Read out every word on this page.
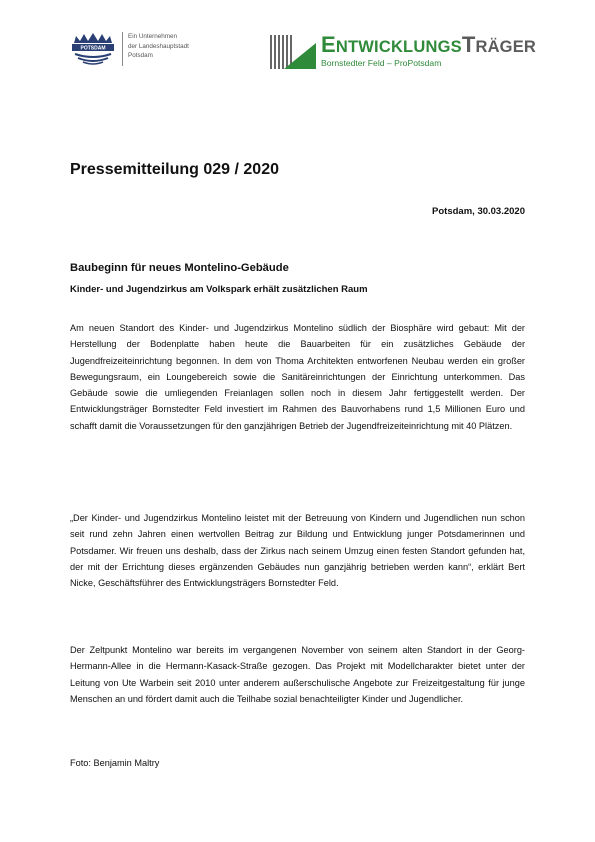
POTSDAM
Ein Unternehmen
der Landeshauptstadt
Potsdam	ENTWICKLUNGSTRÄGER
Bornstedter Feld – ProPotsdam
Pressemitteilung 029 / 2020
Potsdam, 30.03.2020
Baubeginn für neues Montelino-Gebäude
Kinder- und Jugendzirkus am Volkspark erhält zusätzlichen Raum

Am neuen Standort des Kinder- und Jugendzirkus Montelino südlich der Biosphäre wird gebaut: Mit der Herstellung der Bodenplatte haben heute die Bauarbeiten für ein zusätzliches Gebäude der Jugendfreizeiteinrichtung begonnen. In dem von Thoma Architekten entworfenen Neubau werden ein großer Bewegungsraum, ein Loungebereich sowie die Sanitäreinrichtungen der Einrichtung unterkommen. Das Gebäude sowie die umliegenden Freianlagen sollen noch in diesem Jahr fertiggestellt werden. Der Entwicklungsträger Bornstedter Feld investiert im Rahmen des Bauvorhabens rund 1,5 Millionen Euro und schafft damit die Voraussetzungen für den ganzjährigen Betrieb der Jugendfreizeiteinrichtung mit 40 Plätzen.

„Der Kinder- und Jugendzirkus Montelino leistet mit der Betreuung von Kindern und Jugendlichen nun schon seit rund zehn Jahren einen wertvollen Beitrag zur Bildung und Entwicklung junger Potsdamerinnen und Potsdamer. Wir freuen uns deshalb, dass der Zirkus nach seinem Umzug einen festen Standort gefunden hat, der mit der Errichtung dieses ergänzenden Gebäudes nun ganzjährig betrieben werden kann“, erklärt Bert Nicke, Geschäftsführer des Entwicklungsträgers Bornstedter Feld.

Der Zeltpunkt Montelino war bereits im vergangenen November von seinem alten Standort in der Georg-Hermann-Allee in die Hermann-Kasack-Straße gezogen. Das Projekt mit Modellcharakter bietet unter der Leitung von Ute Warbein seit 2010 unter anderem außerschulische Angebote zur Freizeitgestaltung für junge Menschen an und fördert damit auch die Teilhabe sozial benachteiligter Kinder und Jugendlicher.

Foto: Benjamin Maltry
